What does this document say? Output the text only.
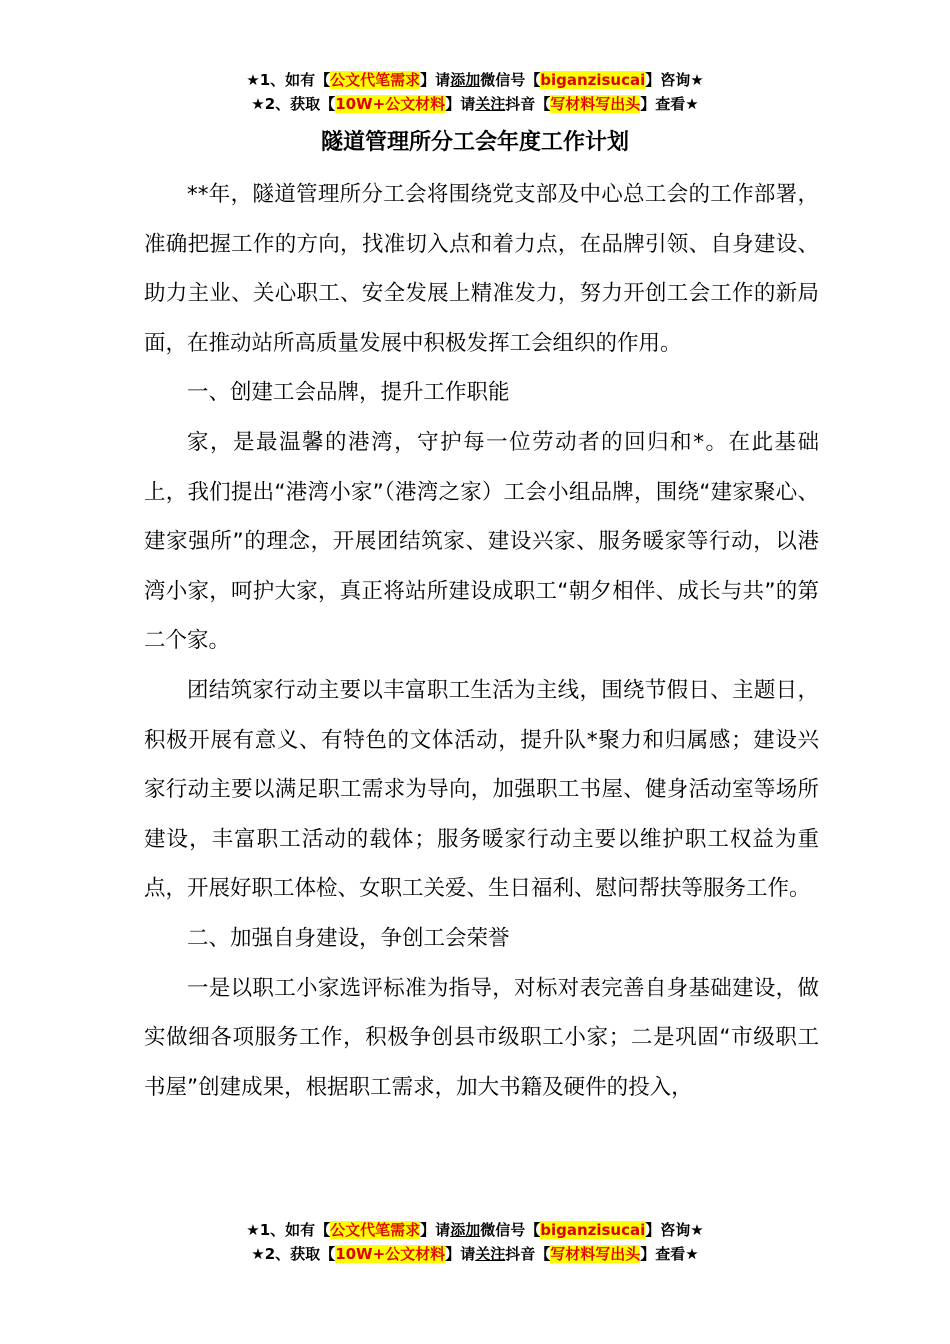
★1、如有【公文代笔需求】请添加微信号【biganzisucai】咨询★
★2、获取【10W+公文材料】请关注抖音【写材料写出头】查看★
隧道管理所分工会年度工作计划

**年，隧道管理所分工会将围绕党支部及中心总工会的工作部署，准确把握工作的方向，找准切入点和着力点，在品牌引领、自身建设、助力主业、关心职工、安全发展上精准发力，努力开创工会工作的新局面，在推动站所高质量发展中积极发挥工会组织的作用。

一、创建工会品牌，提升工作职能

家，是最温馨的港湾，守护每一位劳动者的回归和*。在此基础上，我们提出“港湾小家”（港湾之家）工会小组品牌，围绕“建家聚心、建家强所”的理念，开展团结筑家、建设兴家、服务暖家等行动，以港湾小家，呵护大家，真正将站所建设成职工“朝夕相伴、成长与共”的第二个家。

团结筑家行动主要以丰富职工生活为主线，围绕节假日、主题日，积极开展有意义、有特色的文体活动，提升队*聚力和归属感；建设兴家行动主要以满足职工需求为导向，加强职工书屋、健身活动室等场所建设，丰富职工活动的载体；服务暖家行动主要以维护职工权益为重点，开展好职工体检、女职工关爱、生日福利、慰问帮扶等服务工作。

二、加强自身建设，争创工会荣誉

一是以职工小家选评标准为指导，对标对表完善自身基础建设，做实做细各项服务工作，积极争创县市级职工小家；二是巩固“市级职工书屋”创建成果，根据职工需求，加大书籍及硬件的投入，

★1、如有【公文代笔需求】请添加微信号【biganzisucai】咨询★
★2、获取【10W+公文材料】请关注抖音【写材料写出头】查看★
